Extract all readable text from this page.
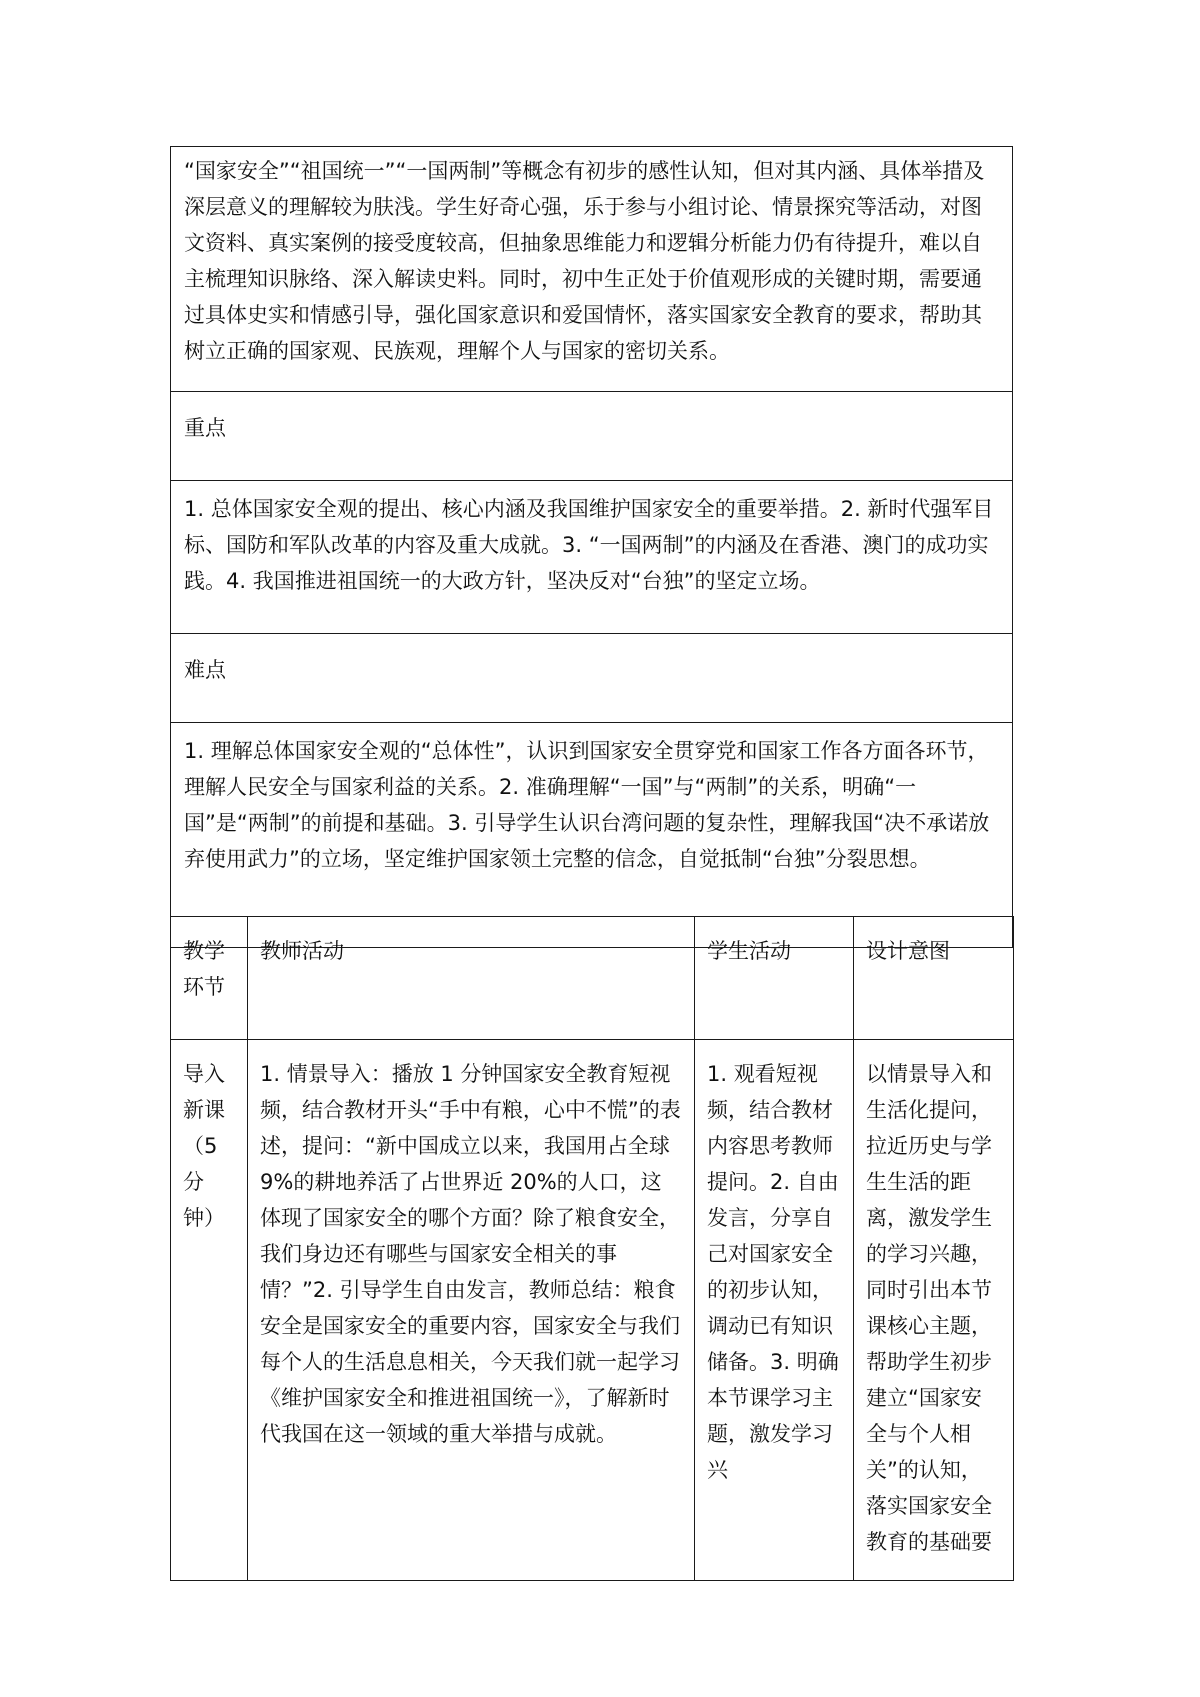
“国家安全”“祖国统一”“一国两制”等概念有初步的感性认知，但对其内涵、具体举措及深层意义的理解较为肤浅。学生好奇心强，乐于参与小组讨论、情景探究等活动，对图文资料、真实案例的接受度较高，但抽象思维能力和逻辑分析能力仍有待提升，难以自主梳理知识脉络、深入解读史料。同时，初中生正处于价值观形成的关键时期，需要通过具体史实和情感引导，强化国家意识和爱国情怀，落实国家安全教育的要求，帮助其树立正确的国家观、民族观，理解个人与国家的密切关系。
重点
1. 总体国家安全观的提出、核心内涵及我国维护国家安全的重要举措。2. 新时代强军目标、国防和军队改革的内容及重大成就。3. “一国两制”的内涵及在香港、澳门的成功实践。4. 我国推进祖国统一的大政方针，坚决反对“台独”的坚定立场。
难点
1. 理解总体国家安全观的“总体性”，认识到国家安全贯穿党和国家工作各方面各环节，理解人民安全与国家利益的关系。2. 准确理解“一国”与“两制”的关系，明确“一国”是“两制”的前提和基础。3. 引导学生认识台湾问题的复杂性，理解我国“决不承诺放弃使用武力”的立场，坚定维护国家领土完整的信念，自觉抵制“台独”分裂思想。
教学环节	教师活动	学生活动	设计意图
导入新课（5分钟）	1. 情景导入：播放 1 分钟国家安全教育短视频，结合教材开头“手中有粮，心中不慌”的表述，提问：“新中国成立以来，我国用占全球 9%的耕地养活了占世界近 20%的人口，这体现了国家安全的哪个方面？除了粮食安全，我们身边还有哪些与国家安全相关的事情？”2. 引导学生自由发言，教师总结：粮食安全是国家安全的重要内容，国家安全与我们每个人的生活息息相关，今天我们就一起学习《维护国家安全和推进祖国统一》，了解新时代我国在这一领域的重大举措与成就。	1. 观看短视频，结合教材内容思考教师提问。2. 自由发言，分享自己对国家安全的初步认知，调动已有知识储备。3. 明确本节课学习主题，激发学习兴	以情景导入和生活化提问，拉近历史与学生生活的距离，激发学生的学习兴趣，同时引出本节课核心主题，帮助学生初步建立“国家安全与个人相关”的认知，落实国家安全教育的基础要
